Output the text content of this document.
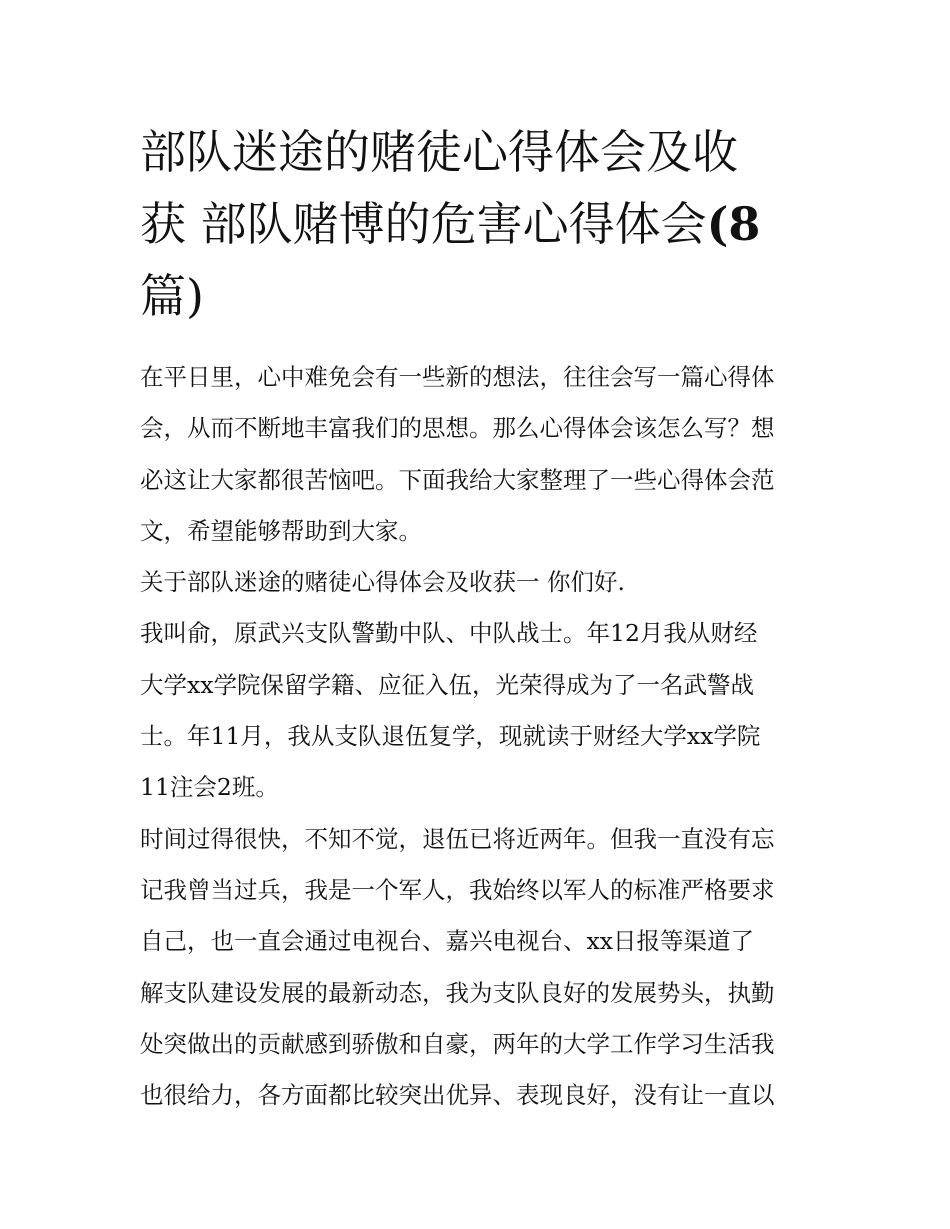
部队迷途的赌徒心得体会及收
获 部队赌博的危害心得体会(8
篇)
在平日里，心中难免会有一些新的想法，往往会写一篇心得体
会，从而不断地丰富我们的思想。那么心得体会该怎么写？想
必这让大家都很苦恼吧。下面我给大家整理了一些心得体会范
文，希望能够帮助到大家。
关于部队迷途的赌徒心得体会及收获一 你们好.
我叫俞，原武兴支队警勤中队、中队战士。年12月我从财经
大学xx学院保留学籍、应征入伍，光荣得成为了一名武警战
士。年11月，我从支队退伍复学，现就读于财经大学xx学院
11注会2班。
时间过得很快，不知不觉，退伍已将近两年。但我一直没有忘
记我曾当过兵，我是一个军人，我始终以军人的标准严格要求
自己，也一直会通过电视台、嘉兴电视台、xx日报等渠道了
解支队建设发展的最新动态，我为支队良好的发展势头，执勤
处突做出的贡献感到骄傲和自豪，两年的大学工作学习生活我
也很给力，各方面都比较突出优异、表现良好，没有让一直以
